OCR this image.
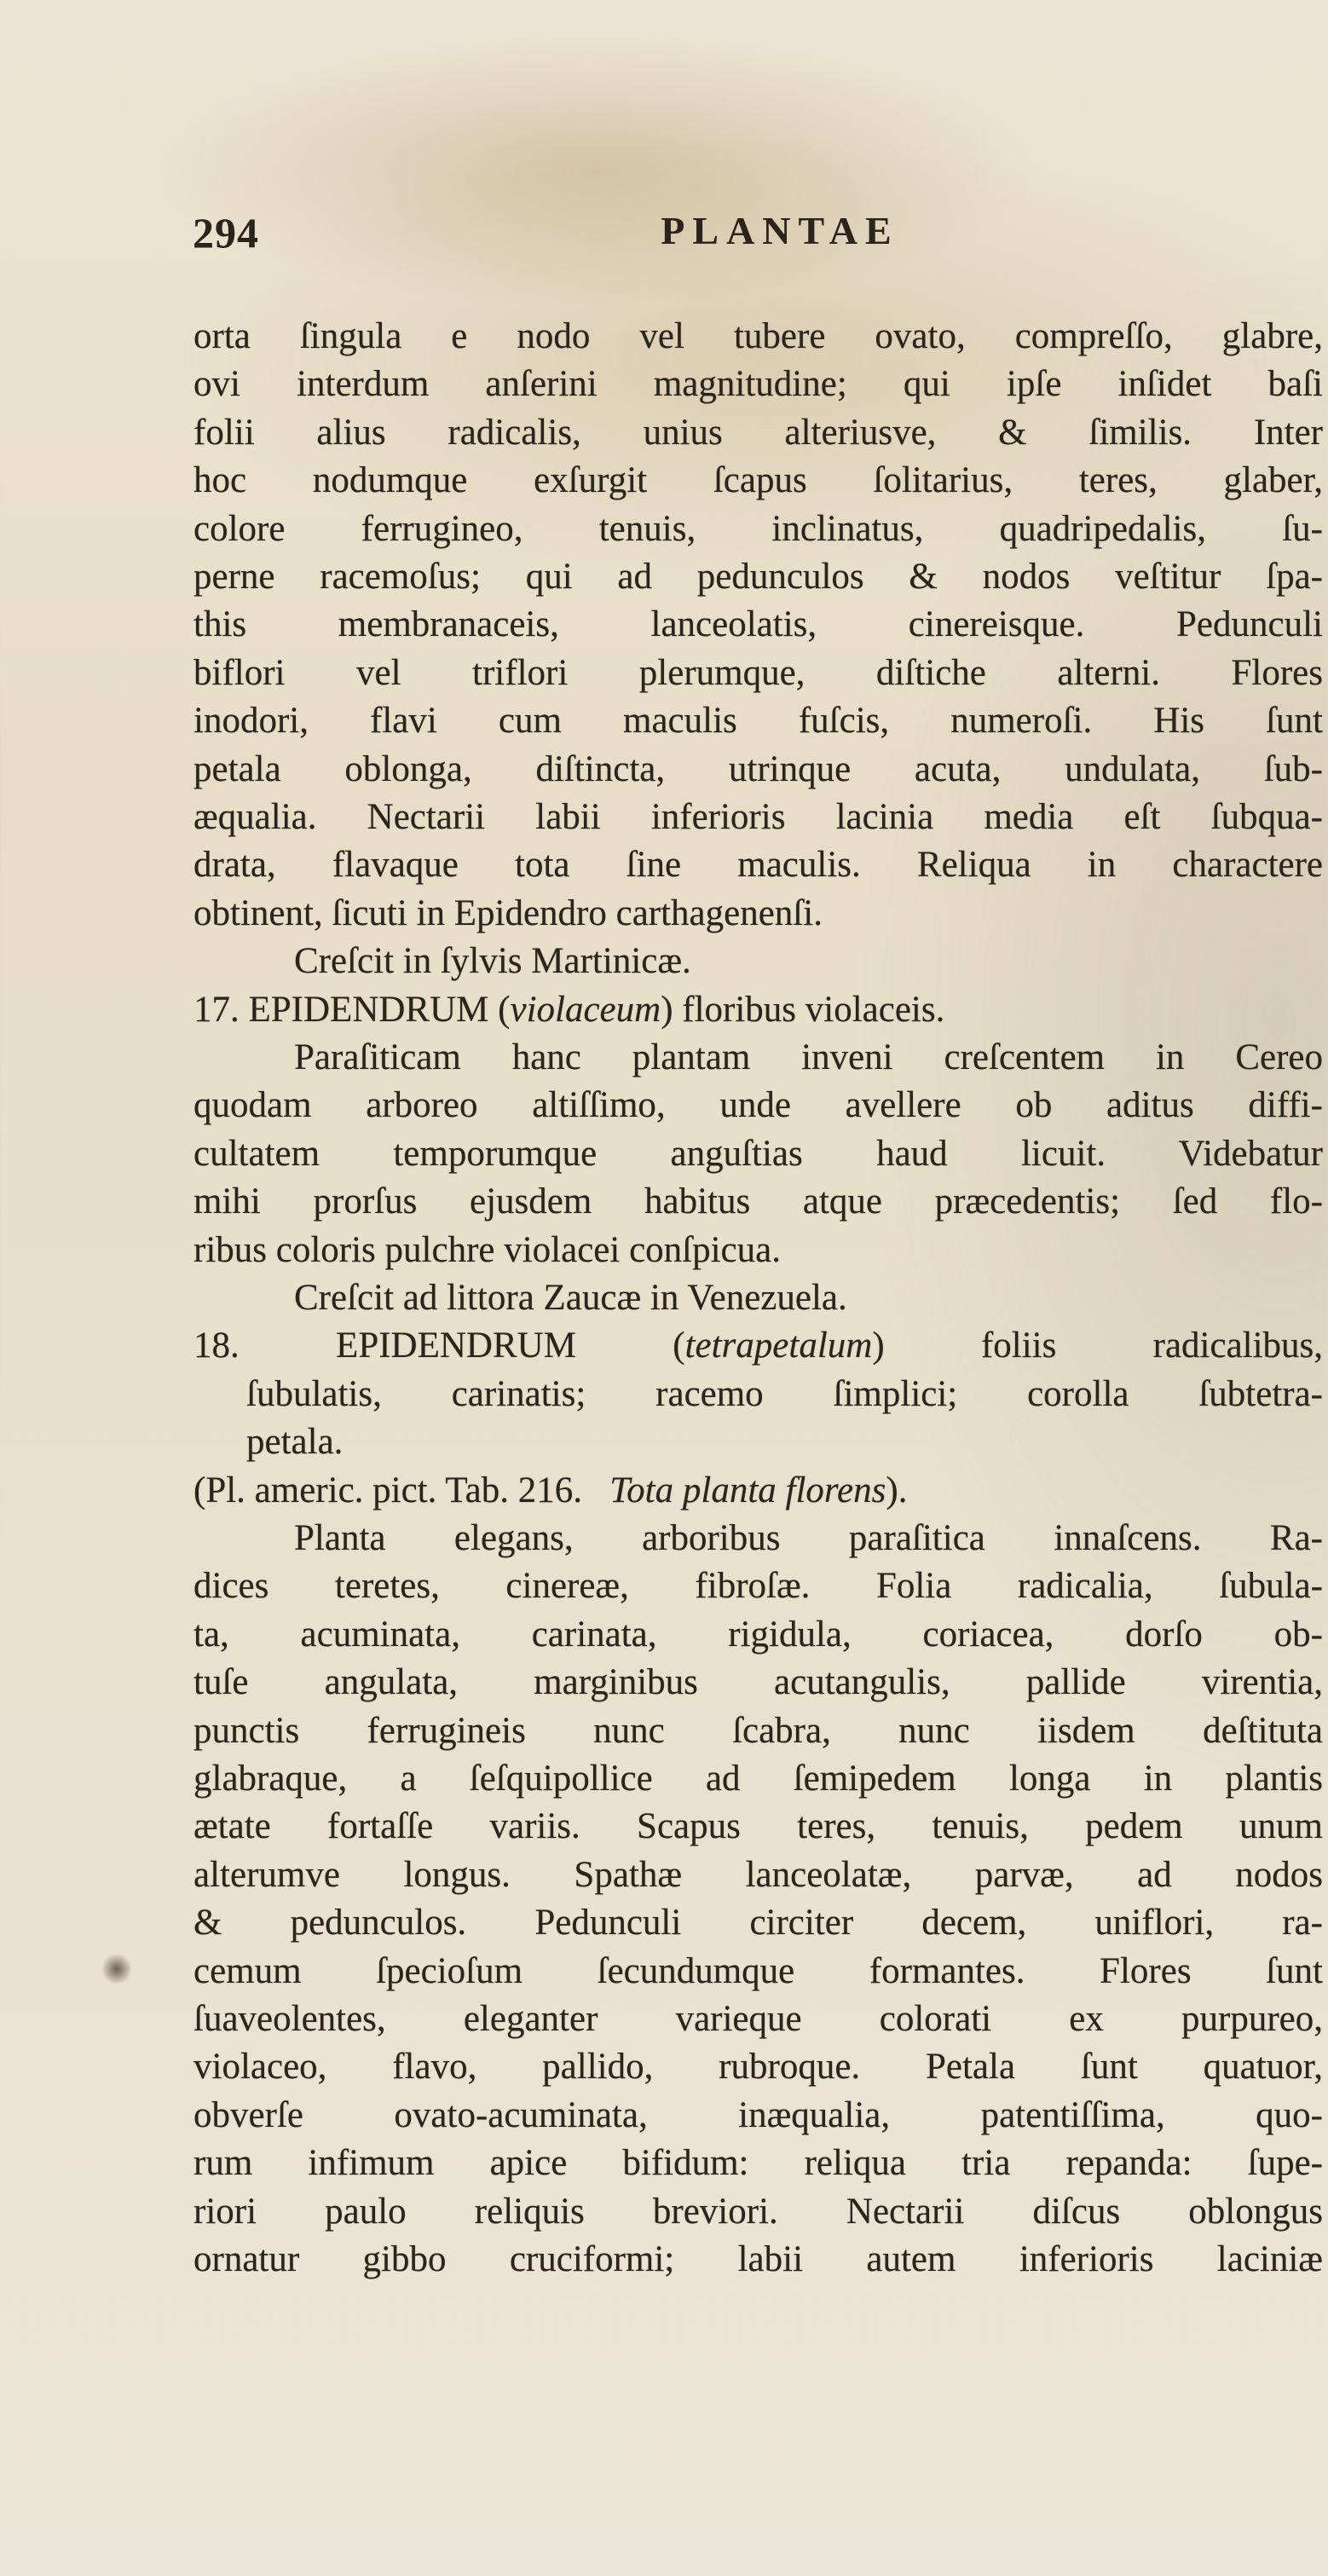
294	PLANTAE
orta ſingula e nodo vel tubere ovato, compreſſo, glabre,
ovi interdum anſerini magnitudine; qui ipſe inſidet baſi
folii alius radicalis, unius alteriusve, & ſimilis. Inter
hoc nodumque exſurgit ſcapus ſolitarius, teres, glaber,
colore ferrugineo, tenuis, inclinatus, quadripedalis, ſu-
perne racemoſus; qui ad pedunculos & nodos veſtitur ſpa-
this membranaceis, lanceolatis, cinereisque. Pedunculi
biflori vel triflori plerumque, diſtiche alterni. Flores
inodori, flavi cum maculis fuſcis, numeroſi. His ſunt
petala oblonga, diſtincta, utrinque acuta, undulata, ſub-
æqualia. Nectarii labii inferioris lacinia media eſt ſubqua-
drata, flavaque tota ſine maculis. Reliqua in charactere
obtinent, ſicuti in Epidendro carthagenenſi.
Creſcit in ſylvis Martinicæ.
17. EPIDENDRUM (violaceum) floribus violaceis.
Paraſiticam hanc plantam inveni creſcentem in Cereo
quodam arboreo altiſſimo, unde avellere ob aditus diffi-
cultatem temporumque anguſtias haud licuit. Videbatur
mihi prorſus ejusdem habitus atque præcedentis; ſed flo-
ribus coloris pulchre violacei conſpicua.
Creſcit ad littora Zaucæ in Venezuela.
18.	EPIDENDRUM	(tetrapetalum)	foliis radicalibus,
ſubulatis, carinatis; racemo ſimplici; corolla ſubtetra-
petala.
(Pl. americ. pict. Tab. 216. Tota planta florens).
Planta elegans, arboribus paraſitica innaſcens. Ra-
dices teretes, cinereæ, fibroſæ. Folia radicalia, ſubula-
ta, acuminata, carinata, rigidula, coriacea, dorſo ob-
tuſe angulata, marginibus acutangulis, pallide virentia,
punctis ferrugineis nunc ſcabra, nunc iisdem deſtituta
glabraque, a ſeſquipollice ad ſemipedem longa in plantis
ætate fortaſſe variis. Scapus teres, tenuis, pedem unum
alterumve longus. Spathæ lanceolatæ, parvæ, ad nodos
& pedunculos. Pedunculi circiter decem, uniflori, ra-
cemum ſpecioſum ſecundumque formantes. Flores ſunt
ſuaveolentes, eleganter varieque colorati ex purpureo,
violaceo, flavo, pallido, rubroque. Petala ſunt quatuor,
obverſe ovato-acuminata, inæqualia, patentiſſima, quo-
rum infimum apice bifidum: reliqua tria repanda: ſupe-
riori paulo reliquis breviori. Nectarii diſcus oblongus
ornatur gibbo cruciformi; labii autem inferioris laciniæ
